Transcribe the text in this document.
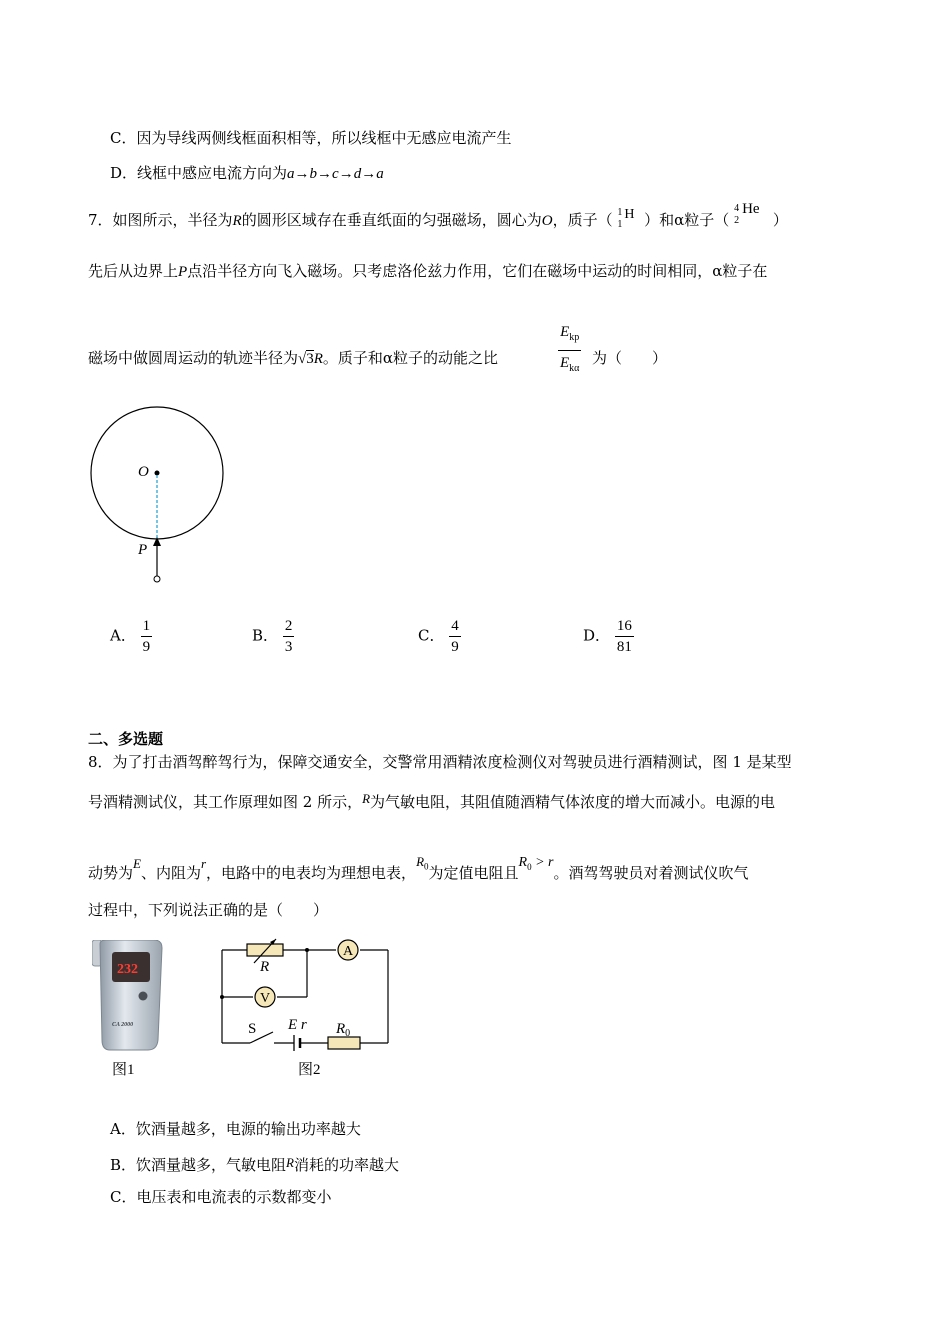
C．因为导线两侧线框面积相等，所以线框中无感应电流产生
D．线框中感应电流方向为a→b→c→d→a
7．如图所示，半径为R的圆形区域存在垂直纸面的匀强磁场，圆心为O，质子（ 1
1
H ）和α粒子（
4
2
He
）
先后从边界上P点沿半径方向飞入磁场。只考虑洛伦兹力作用，它们在磁场中运动的时间相同，α粒子在
磁场中做圆周运动的轨迹半径为√3R。质子和α粒子的动能之比
$E_{kp}$
$E_{k\alpha}$
为（　　）
O
P
A． $\frac{1}{9}$	B． $\frac{2}{3}$	C． $\frac{4}{9}$	D． $\frac{16}{81}$
二、多选题
8．为了打击酒驾醉驾行为，保障交通安全，交警常用酒精浓度检测仪对驾驶员进行酒精测试，图 1 是某型
号酒精测试仪，其工作原理如图 2 所示，R为气敏电阻，其阻值随酒精气体浓度的增大而减小。电源的电
动势为E、内阻为r，电路中的电表均为理想电表，$R_0$为定值电阻且$R_0 > r$。酒驾驾驶员对着测试仪吹气
过程中，下列说法正确的是（　　）
232
CA 2000
图1
A
V
R
S E r $R_0$
图2
A．饮酒量越多，电源的输出功率越大
B．饮酒量越多，气敏电阻R消耗的功率越大
C．电压表和电流表的示数都变小
